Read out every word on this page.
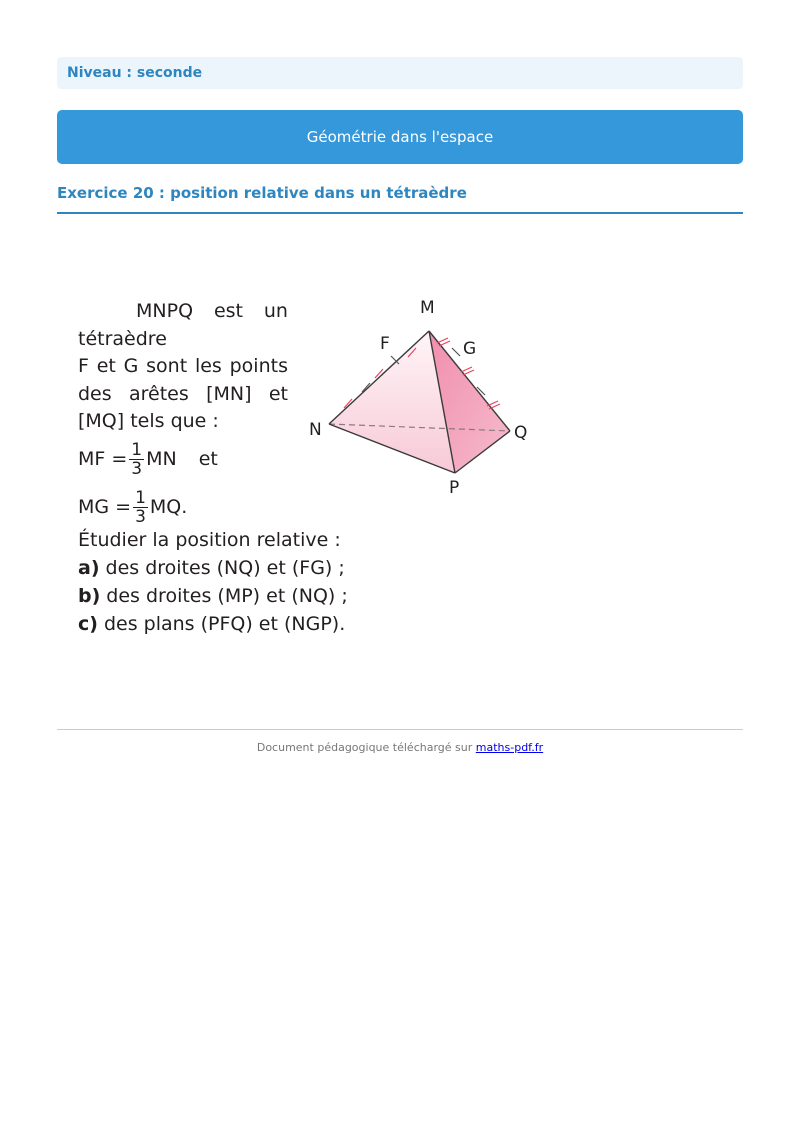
Niveau : seconde
Géométrie dans l'espace
Exercice 20 : position relative dans un tétraèdre
MNPQ est un
tétraèdre
F et G sont les points
des arêtes [MN] et
[MQ] tels que :
MF = $\frac{1}{3}$ MN et
MG = $\frac{1}{3}$ MQ.
Étudier la position relative :
a) des droites (NQ) et (FG) ;
b) des droites (MP) et (NQ) ;
c) des plans (PFQ) et (NGP).
M
F	G
N	Q
P
Document pédagogique téléchargé sur maths-pdf.fr
